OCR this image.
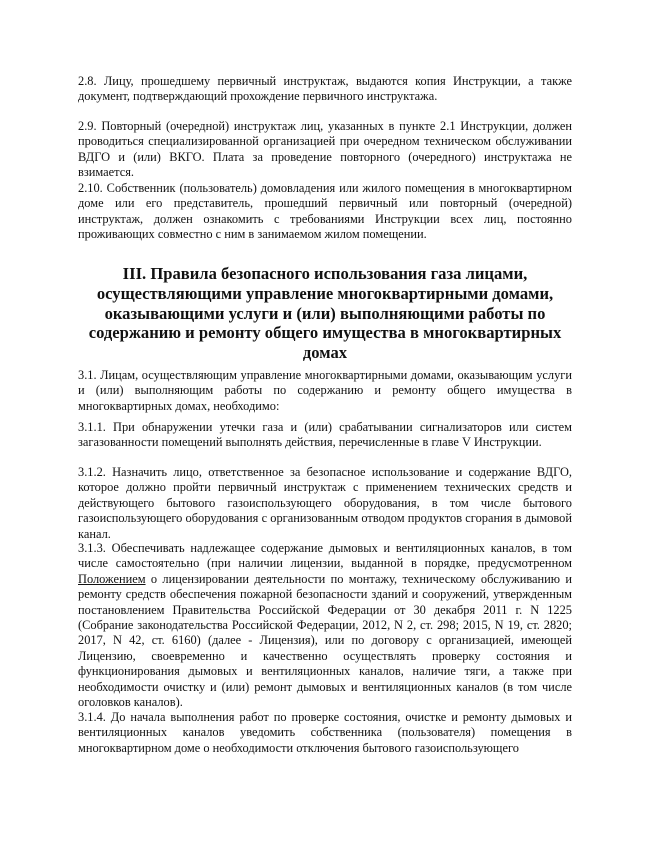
2.8. Лицу, прошедшему первичный инструктаж, выдаются копия Инструкции, а также документ, подтверждающий прохождение первичного инструктажа.

2.9. Повторный (очередной) инструктаж лиц, указанных в пункте 2.1 Инструкции, должен проводиться специализированной организацией при очередном техническом обслуживании ВДГО и (или) ВКГО. Плата за проведение повторного (очередного) инструктажа не взимается.

2.10. Собственник (пользователь) домовладения или жилого помещения в многоквартирном доме или его представитель, прошедший первичный или повторный (очередной) инструктаж, должен ознакомить с требованиями Инструкции всех лиц, постоянно проживающих совместно с ним в занимаемом жилом помещении.

III. Правила безопасного использования газа лицами, осуществляющими управление многоквартирными домами, оказывающими услуги и (или) выполняющими работы по содержанию и ремонту общего имущества в многоквартирных домах

3.1. Лицам, осуществляющим управление многоквартирными домами, оказывающим услуги и (или) выполняющим работы по содержанию и ремонту общего имущества в многоквартирных домах, необходимо:

3.1.1. При обнаружении утечки газа и (или) срабатывании сигнализаторов или систем загазованности помещений выполнять действия, перечисленные в главе V Инструкции.

3.1.2. Назначить лицо, ответственное за безопасное использование и содержание ВДГО, которое должно пройти первичный инструктаж с применением технических средств и действующего бытового газоиспользующего оборудования, в том числе бытового газоиспользующего оборудования с организованным отводом продуктов сгорания в дымовой канал.

3.1.3. Обеспечивать надлежащее содержание дымовых и вентиляционных каналов, в том числе самостоятельно (при наличии лицензии, выданной в порядке, предусмотренном Положением о лицензировании деятельности по монтажу, техническому обслуживанию и ремонту средств обеспечения пожарной безопасности зданий и сооружений, утвержденным постановлением Правительства Российской Федерации от 30 декабря 2011 г. N 1225 (Собрание законодательства Российской Федерации, 2012, N 2, ст. 298; 2015, N 19, ст. 2820; 2017, N 42, ст. 6160) (далее - Лицензия), или по договору с организацией, имеющей Лицензию, своевременно и качественно осуществлять проверку состояния и функционирования дымовых и вентиляционных каналов, наличие тяги, а также при необходимости очистку и (или) ремонт дымовых и вентиляционных каналов (в том числе оголовков каналов).

3.1.4. До начала выполнения работ по проверке состояния, очистке и ремонту дымовых и вентиляционных каналов уведомить собственника (пользователя) помещения в многоквартирном доме о необходимости отключения бытового газоиспользующего
